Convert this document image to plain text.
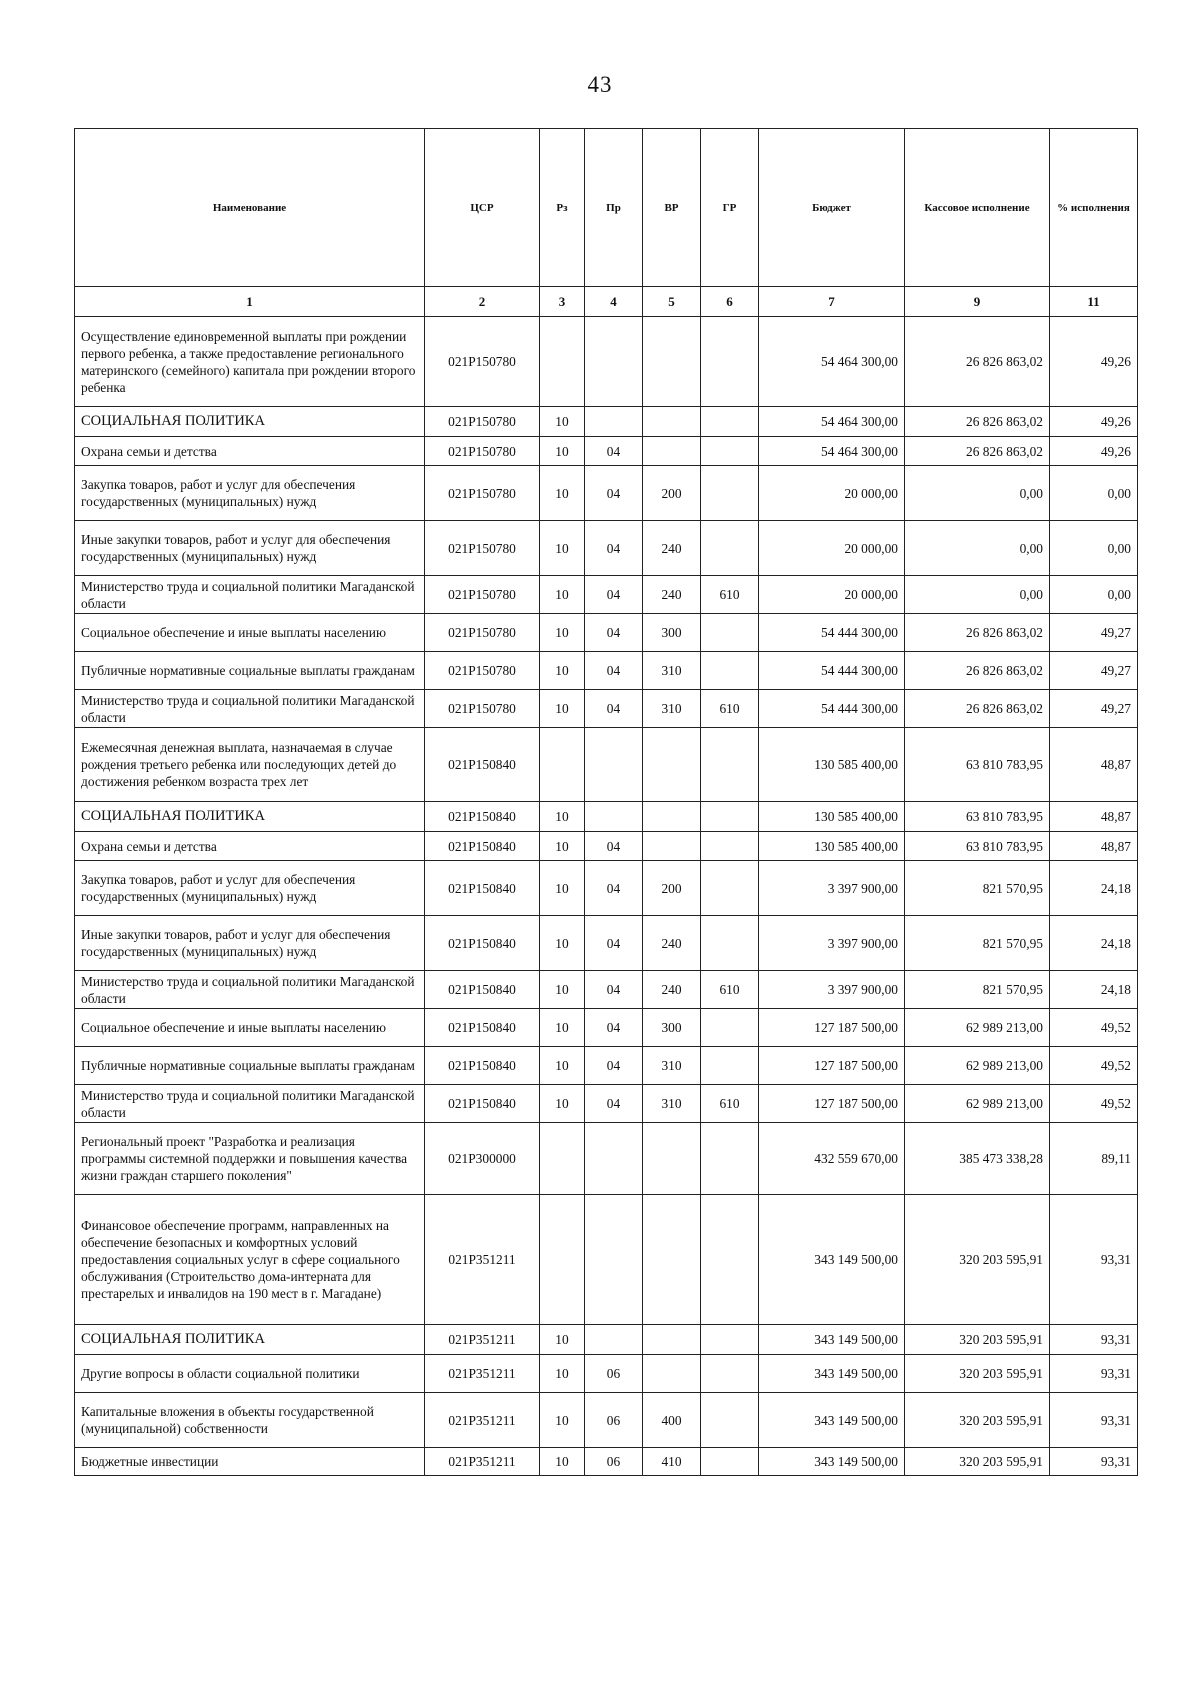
43
Наименование	ЦСР	Рз	Пр	ВР	ГР	Бюджет	Кассовое исполнение	% исполнения
1	2	3	4	5	6	7	9	11
Осуществление единовременной выплаты при рождении первого ребенка, а также предоставление регионального материнского (семейного) капитала при рождении второго ребенка	021P150780					54 464 300,00	26 826 863,02	49,26
СОЦИАЛЬНАЯ ПОЛИТИКА	021P150780	10				54 464 300,00	26 826 863,02	49,26
Охрана семьи и детства	021P150780	10	04			54 464 300,00	26 826 863,02	49,26
Закупка товаров, работ и услуг для обеспечения государственных (муниципальных) нужд	021P150780	10	04	200		20 000,00	0,00	0,00
Иные закупки товаров, работ и услуг для обеспечения государственных (муниципальных) нужд	021P150780	10	04	240		20 000,00	0,00	0,00
Министерство труда и социальной политики Магаданской области	021P150780	10	04	240	610	20 000,00	0,00	0,00
Социальное обеспечение и иные выплаты населению	021P150780	10	04	300		54 444 300,00	26 826 863,02	49,27
Публичные нормативные социальные выплаты гражданам	021P150780	10	04	310		54 444 300,00	26 826 863,02	49,27
Министерство труда и социальной политики Магаданской области	021P150780	10	04	310	610	54 444 300,00	26 826 863,02	49,27
Ежемесячная денежная выплата, назначаемая в случае рождения третьего ребенка или последующих детей до достижения ребенком возраста трех лет	021P150840					130 585 400,00	63 810 783,95	48,87
СОЦИАЛЬНАЯ ПОЛИТИКА	021P150840	10				130 585 400,00	63 810 783,95	48,87
Охрана семьи и детства	021P150840	10	04			130 585 400,00	63 810 783,95	48,87
Закупка товаров, работ и услуг для обеспечения государственных (муниципальных) нужд	021P150840	10	04	200		3 397 900,00	821 570,95	24,18
Иные закупки товаров, работ и услуг для обеспечения государственных (муниципальных) нужд	021P150840	10	04	240		3 397 900,00	821 570,95	24,18
Министерство труда и социальной политики Магаданской области	021P150840	10	04	240	610	3 397 900,00	821 570,95	24,18
Социальное обеспечение и иные выплаты населению	021P150840	10	04	300		127 187 500,00	62 989 213,00	49,52
Публичные нормативные социальные выплаты гражданам	021P150840	10	04	310		127 187 500,00	62 989 213,00	49,52
Министерство труда и социальной политики Магаданской области	021P150840	10	04	310	610	127 187 500,00	62 989 213,00	49,52
Региональный проект "Разработка и реализация программы системной поддержки и повышения качества жизни граждан старшего поколения"	021P300000					432 559 670,00	385 473 338,28	89,11
Финансовое обеспечение программ, направленных на обеспечение безопасных и комфортных условий предоставления социальных услуг в сфере социального обслуживания (Строительство дома-интерната для престарелых и инвалидов на 190 мест в г. Магадане)	021P351211					343 149 500,00	320 203 595,91	93,31
СОЦИАЛЬНАЯ ПОЛИТИКА	021P351211	10				343 149 500,00	320 203 595,91	93,31
Другие вопросы в области социальной политики	021P351211	10	06			343 149 500,00	320 203 595,91	93,31
Капитальные вложения в объекты государственной (муниципальной) собственности	021P351211	10	06	400		343 149 500,00	320 203 595,91	93,31
Бюджетные инвестиции	021P351211	10	06	410		343 149 500,00	320 203 595,91	93,31
